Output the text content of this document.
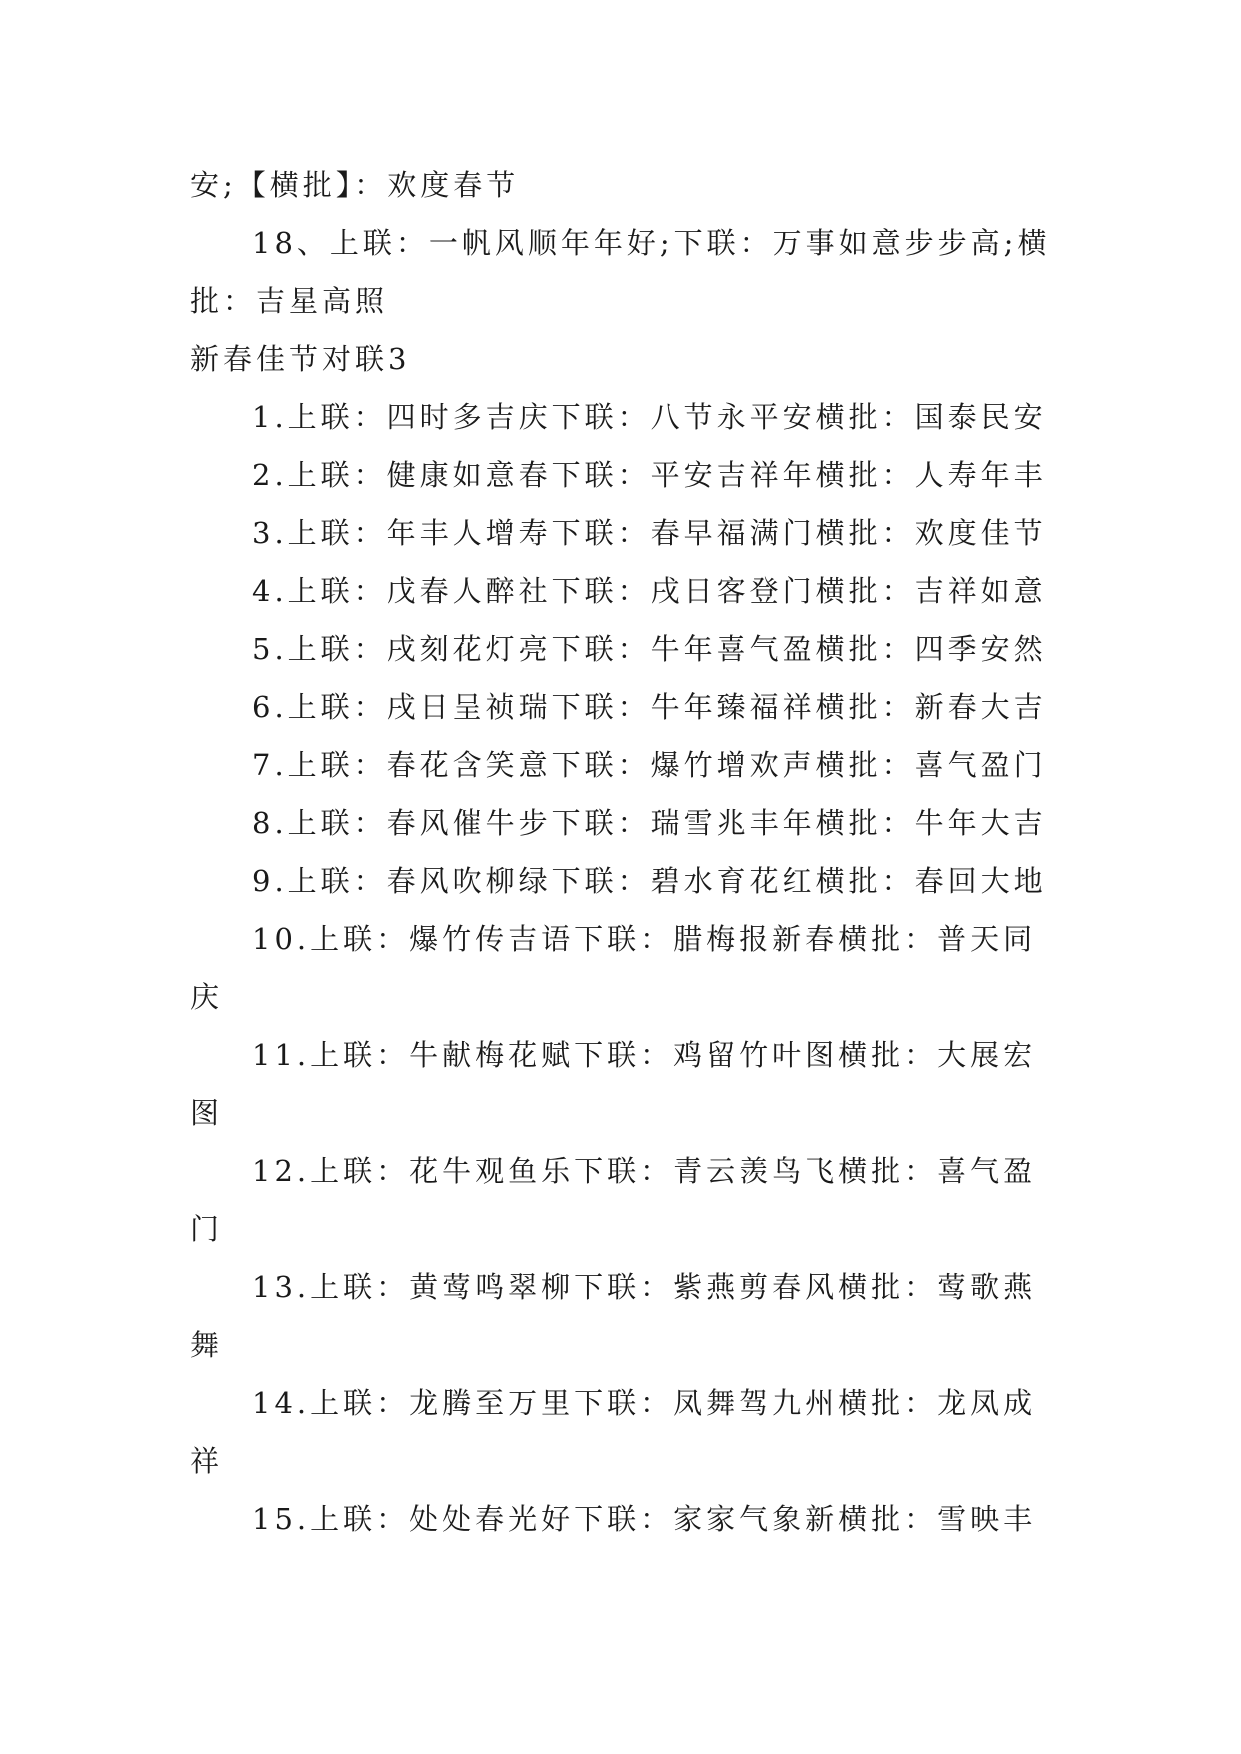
安;【横批】：欢度春节
18、上联：一帆风顺年年好;下联：万事如意步步高;横
批：吉星高照
新春佳节对联3
1.上联：四时多吉庆下联：八节永平安横批：国泰民安
2.上联：健康如意春下联：平安吉祥年横批：人寿年丰
3.上联：年丰人增寿下联：春早福满门横批：欢度佳节
4.上联：戊春人醉社下联：戌日客登门横批：吉祥如意
5.上联：戌刻花灯亮下联：牛年喜气盈横批：四季安然
6.上联：戌日呈祯瑞下联：牛年臻福祥横批：新春大吉
7.上联：春花含笑意下联：爆竹增欢声横批：喜气盈门
8.上联：春风催牛步下联：瑞雪兆丰年横批：牛年大吉
9.上联：春风吹柳绿下联：碧水育花红横批：春回大地
10.上联：爆竹传吉语下联：腊梅报新春横批：普天同
庆
11.上联：牛献梅花赋下联：鸡留竹叶图横批：大展宏
图
12.上联：花牛观鱼乐下联：青云羡鸟飞横批：喜气盈
门
13.上联：黄莺鸣翠柳下联：紫燕剪春风横批：莺歌燕
舞
14.上联：龙腾至万里下联：凤舞驾九州横批：龙凤成
祥
15.上联：处处春光好下联：家家气象新横批：雪映丰
